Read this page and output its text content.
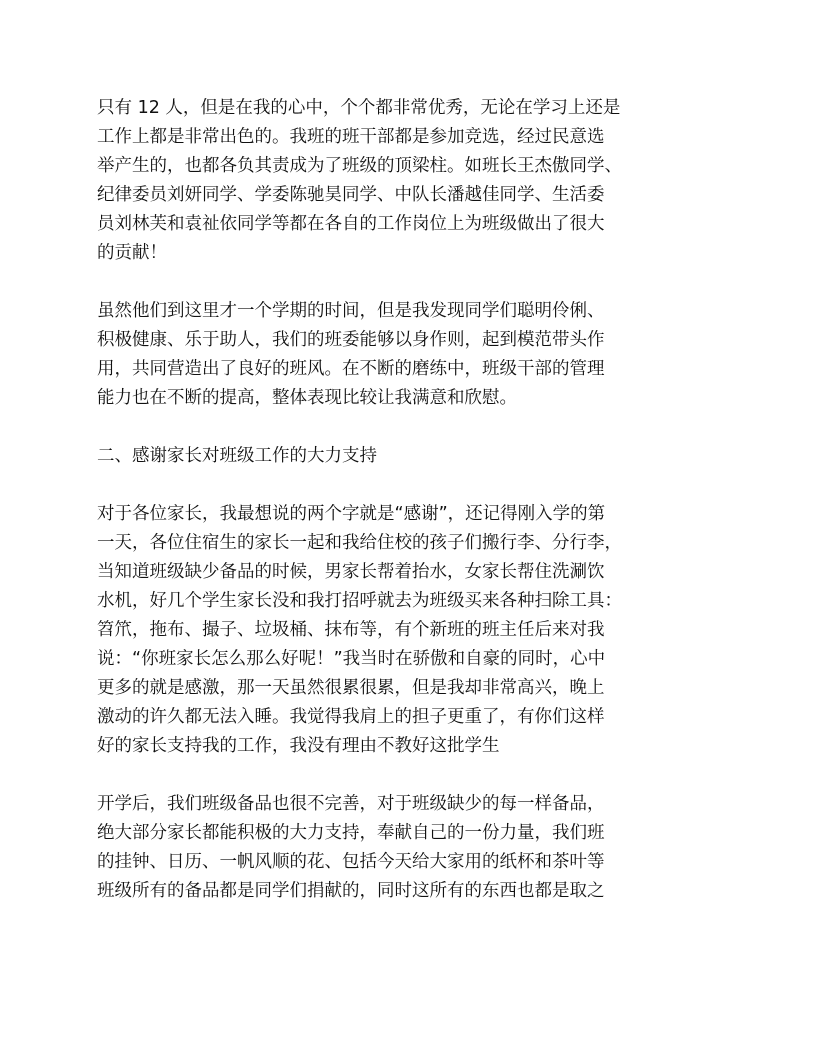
只有 12 人，但是在我的心中，个个都非常优秀，无论在学习上还是
工作上都是非常出色的。我班的班干部都是参加竞选，经过民意选
举产生的，也都各负其责成为了班级的顶梁柱。如班长王杰傲同学、
纪律委员刘妍同学、学委陈驰昊同学、中队长潘越佳同学、生活委
员刘林芙和袁祉依同学等都在各自的工作岗位上为班级做出了很大
的贡献！
虽然他们到这里才一个学期的时间，但是我发现同学们聪明伶俐、
积极健康、乐于助人，我们的班委能够以身作则，起到模范带头作
用，共同营造出了良好的班风。在不断的磨练中，班级干部的管理
能力也在不断的提高，整体表现比较让我满意和欣慰。
二、感谢家长对班级工作的大力支持
对于各位家长，我最想说的两个字就是“感谢”，还记得刚入学的第
一天，各位住宿生的家长一起和我给住校的孩子们搬行李、分行李，
当知道班级缺少备品的时候，男家长帮着抬水，女家长帮住洗涮饮
水机，好几个学生家长没和我打招呼就去为班级买来各种扫除工具：
笤笊，拖布、撮子、垃圾桶、抹布等，有个新班的班主任后来对我
说：“你班家长怎么那么好呢！”我当时在骄傲和自豪的同时，心中
更多的就是感激，那一天虽然很累很累，但是我却非常高兴，晚上
激动的许久都无法入睡。我觉得我肩上的担子更重了，有你们这样
好的家长支持我的工作，我没有理由不教好这批学生
开学后，我们班级备品也很不完善，对于班级缺少的每一样备品，
绝大部分家长都能积极的大力支持，奉献自己的一份力量，我们班
的挂钟、日历、一帆风顺的花、包括今天给大家用的纸杯和茶叶等
班级所有的备品都是同学们捐献的，同时这所有的东西也都是取之
